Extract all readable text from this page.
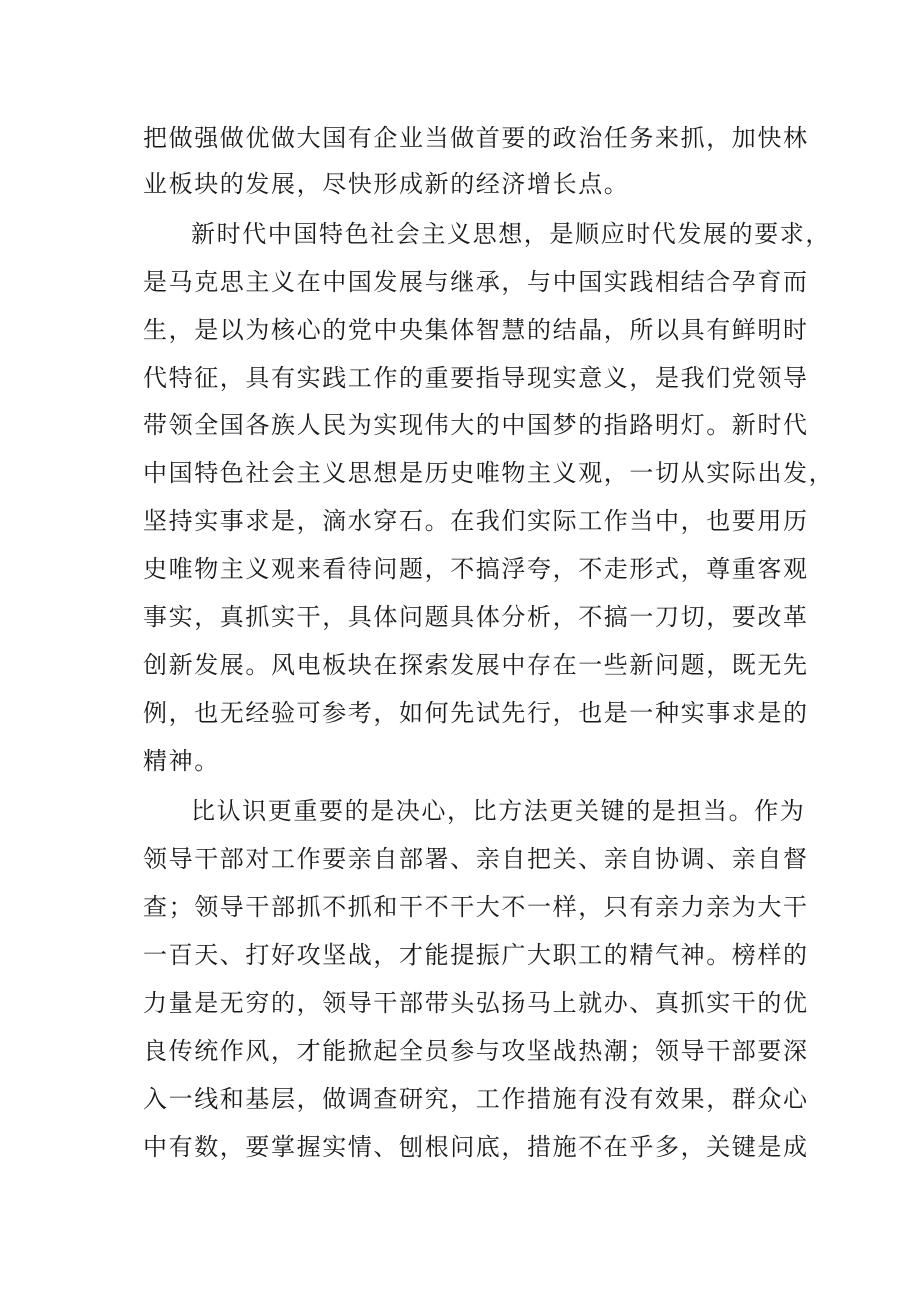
把做强做优做大国有企业当做首要的政治任务来抓，加快林
业板块的发展，尽快形成新的经济增长点。
新时代中国特色社会主义思想，是顺应时代发展的要求，
是马克思主义在中国发展与继承，与中国实践相结合孕育而
生，是以为核心的党中央集体智慧的结晶，所以具有鲜明时
代特征，具有实践工作的重要指导现实意义，是我们党领导
带领全国各族人民为实现伟大的中国梦的指路明灯。新时代
中国特色社会主义思想是历史唯物主义观，一切从实际出发，
坚持实事求是，滴水穿石。在我们实际工作当中，也要用历
史唯物主义观来看待问题，不搞浮夸，不走形式，尊重客观
事实，真抓实干，具体问题具体分析，不搞一刀切，要改革
创新发展。风电板块在探索发展中存在一些新问题，既无先
例，也无经验可参考，如何先试先行，也是一种实事求是的
精神。
比认识更重要的是决心，比方法更关键的是担当。作为
领导干部对工作要亲自部署、亲自把关、亲自协调、亲自督
查；领导干部抓不抓和干不干大不一样，只有亲力亲为大干
一百天、打好攻坚战，才能提振广大职工的精气神。榜样的
力量是无穷的，领导干部带头弘扬马上就办、真抓实干的优
良传统作风，才能掀起全员参与攻坚战热潮；领导干部要深
入一线和基层，做调查研究，工作措施有没有效果，群众心
中有数，要掌握实情、刨根问底，措施不在乎多，关键是成
